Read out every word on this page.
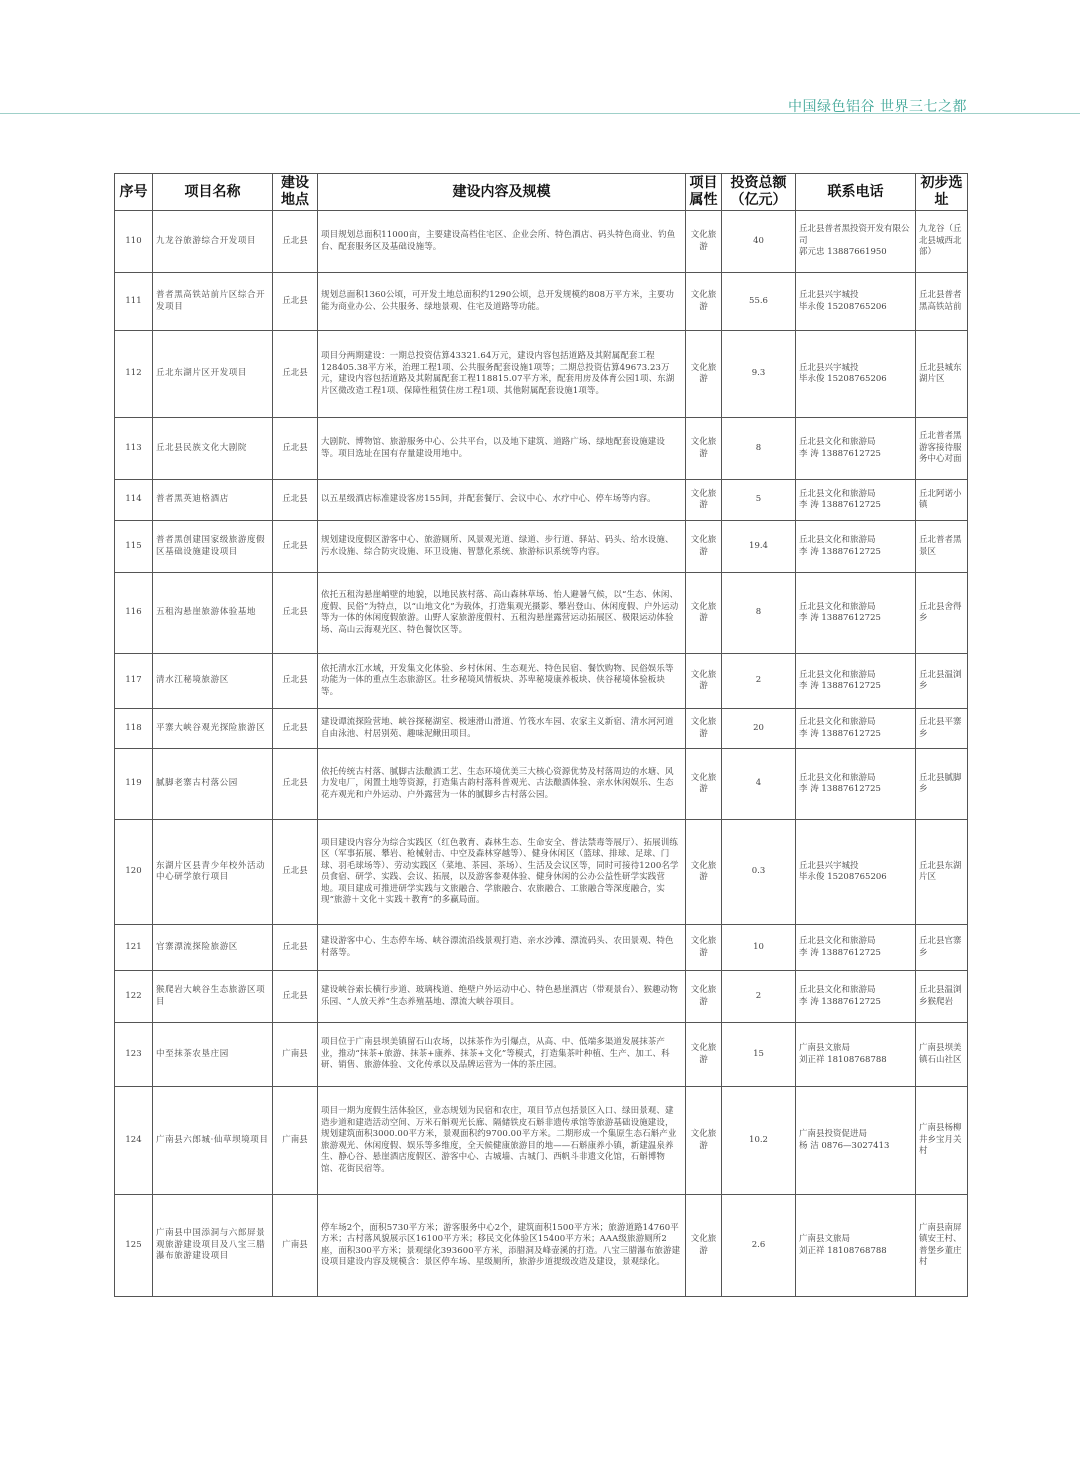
中国绿色铝谷 世界三七之都
序号	项目名称	建设地点	建设内容及规模	项目属性	投资总额（亿元）	联系电话	初步选址
110	九龙谷旅游综合开发项目	丘北县	项目规划总面积11000亩，主要建设高档住宅区、企业会所、特色酒店、码头特色商业、钓鱼台、配套服务区及基础设施等。	文化旅游	40	丘北县普者黑投资开发有限公司
郭元忠 13887661950	九龙谷（丘北县城西北部）
111	普者黑高铁站前片区综合开发项目	丘北县	规划总面积1360公顷，可开发土地总面积约1290公顷，总开发规模约808万平方米，主要功能为商业办公、公共服务、绿地景观、住宅及道路等功能。	文化旅游	55.6	丘北县兴宇城投
毕永俊 15208765206	丘北县普者黑高铁站前
112	丘北东湖片区开发项目	丘北县	项目分两期建设：一期总投资估算43321.64万元，建设内容包括道路及其附属配套工程128405.38平方米，治理工程1项、公共服务配套设施1项等；二期总投资估算49673.23万元，建设内容包括道路及其附属配套工程118815.07平方米，配套用房及体育公园1项、东湖片区微改造工程1项、保障性租赁住房工程1项、其他附属配套设施1项等。	文化旅游	9.3	丘北县兴宇城投
毕永俊 15208765206	丘北县城东湖片区
113	丘北县民族文化大剧院	丘北县	大剧院、博物馆、旅游服务中心、公共平台，以及地下建筑、道路广场、绿地配套设施建设等。项目选址在国有存量建设用地中。	文化旅游	8	丘北县文化和旅游局
李 涛 13887612725	丘北普者黑游客接待服务中心对面
114	普者黑英迪格酒店	丘北县	以五星级酒店标准建设客房155间，并配套餐厅、会议中心、水疗中心、停车场等内容。	文化旅游	5	丘北县文化和旅游局
李 涛 13887612725	丘北阿诺小镇
115	普者黑创建国家级旅游度假区基础设施建设项目	丘北县	规划建设度假区游客中心、旅游厕所、风景观光道、绿道、步行道、驿站、码头、给水设施、污水设施、综合防灾设施、环卫设施、智慧化系统、旅游标识系统等内容。	文化旅游	19.4	丘北县文化和旅游局
李 涛 13887612725	丘北普者黑景区
116	五租沟悬崖旅游体验基地	丘北县	依托五租沟悬崖峭壁的地貌，以地民族村落、高山森林草场、怡人避暑气候，以“生态、休闲、度假、民俗”为特点，以“山地文化”为载体，打造集观光摄影、攀岩登山、休闲度假、户外运动等为一体的休闲度假旅游。山野人家旅游度假村、五租沟悬崖露营运动拓展区、极限运动体验场、高山云海观光区、特色餐饮区等。	文化旅游	8	丘北县文化和旅游局
李 涛 13887612725	丘北县舍得乡
117	清水江秘境旅游区	丘北县	依托清水江水域，开发集文化体验、乡村休闲、生态观光、特色民宿、餐饮购物、民俗娱乐等功能为一体的重点生态旅游区。壮乡秘境风情板块、苏卑秘境康养板块、侠谷秘境体验板块等。	文化旅游	2	丘北县文化和旅游局
李 涛 13887612725	丘北县温浏乡
118	平寨大峡谷观光探险旅游区	丘北县	建设谭流探险营地、峡谷探秘湖室、极速滑山滑道、竹筏水车园、农家主义新宿、清水河河道自由泳池、村居别苑、趣味泥鳅田项目。	文化旅游	20	丘北县文化和旅游局
李 涛 13887612725	丘北县平寨乡
119	腻脚老寨古村落公园	丘北县	依托传统古村落、腻脚古法酿酒工艺、生态环境优美三大核心资源优势及村落周边的水塘、风力发电厂，闲置土地等资源，打造集古韵村落科普观光、古法酿酒体验、亲水休闲娱乐、生态花卉观光和户外运动、户外露营为一体的腻脚乡古村落公园。	文化旅游	4	丘北县文化和旅游局
李 涛 13887612725	丘北县腻脚乡
120	东湖片区县青少年校外活动中心研学旅行项目	丘北县	项目建设内容分为综合实践区（红色教育、森林生态、生命安全、普法禁毒等展厅）、拓展训练区（军事拓展、攀岩、枪械射击、中空及森林穿越等）、健身休闲区（篮球、排球、足球、门球、羽毛球场等）、劳动实践区（菜地、茶园、茶场）、生活及会议区等，同时可接待1200名学员食宿、研学、实践、会议、拓展，以及游客参观体验、健身休闲的公办公益性研学实践营地。项目建成可推进研学实践与文旅融合、学旅融合、农旅融合、工旅融合等深度融合，实现“旅游＋文化＋实践＋教育”的多赢局面。	文化旅游	0.3	丘北县兴宇城投
毕永俊 15208765206	丘北县东湖片区
121	官寨漂流探险旅游区	丘北县	建设游客中心、生态停车场、峡谷漂流沿线景观打造、亲水沙滩、漂流码头、农田景观、特色村落等。	文化旅游	10	丘北县文化和旅游局
李 涛 13887612725	丘北县官寨乡
122	猴爬岩大峡谷生态旅游区项目	丘北县	建设峡谷索长横行步道、玻璃栈道、绝壁户外运动中心、特色悬崖酒店（带观景台）、猴趣动物乐园、“人放天养”生态养殖基地、漂流大峡谷项目。	文化旅游	2	丘北县文化和旅游局
李 涛 13887612725	丘北县温浏乡猴爬岩
123	中至抹茶农垦庄园	广南县	项目位于广南县坝美镇留石山农场，以抹茶作为引爆点，从高、中、低端多渠道发展抹茶产业，推动“抹茶+旅游、抹茶+康养、抹茶+文化”等模式，打造集茶叶种植、生产、加工、科研、销售、旅游体验、文化传承以及品牌运营为一体的茶庄园。	文化旅游	15	广南县文旅局
刘正祥 18108768788	广南县坝美镇石山社区
124	广南县六郎城·仙草坝境项目	广南县	项目一期为度假生活体验区，业态规划为民宿和农庄，项目节点包括景区入口、绿田景观、建造步道和建造活动空间、万米石斛观光长廊、隔储铁皮石斛非遗传承馆等旅游基础设施建设，规划建筑面积3000.00平方米，景观面积约9700.00平方米。二期形成一个集原生态石斛产业旅游观光、休闲度假、娱乐等多维度，全天候健康旅游目的地——石斛康养小镇，新建温泉养生、静心谷、悬崖酒店度假区、游客中心、古城墙、古城门、西帆斗非遗文化馆，石斛博物馆、花街民宿等。	文化旅游	10.2	广南县投资促进局
杨 洁 0876—3027413	广南县杨柳井乡宝月关村
125	广南县中国添洞与六郎屏景观旅游建设项目及八宝三腊瀑布旅游建设项目	广南县	停车场2个，面积5730平方米；游客服务中心2个，建筑面积1500平方米；旅游道路14760平方米；古村落风貌展示区16100平方米；移民文化体验区15400平方米；AAA级旅游厕所2座，面积300平方米；景观绿化393600平方米，添腊洞及峰壶溪的打造。八宝三腊瀑布旅游建设项目建设内容及规模含：景区停车场、星级厕所，旅游步道提级改造及建设，景观绿化。	文化旅游	2.6	广南县文旅局
刘正祥 18108768788	广南县南屏镇安王村、普堡乡董庄村
